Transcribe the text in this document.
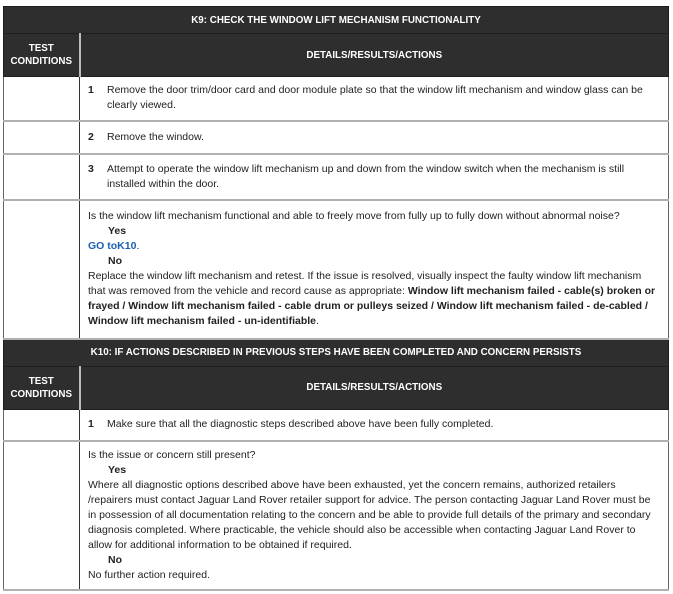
K9: CHECK THE WINDOW LIFT MECHANISM FUNCTIONALITY	
TEST CONDITIONS	DETAILS/RESULTS/ACTIONS

	1 Remove the door trim/door card and door module plate so that the window lift mechanism and window glass can be clearly viewed.

	2 Remove the window.

	3 Attempt to operate the window lift mechanism up and down from the window switch when the mechanism is still installed within the door.

	Is the window lift mechanism functional and able to freely move from fully up to fully down without abnormal noise?
Yes
GO toK10.
No
Replace the window lift mechanism and retest. If the issue is resolved, visually inspect the faulty window lift mechanism that was removed from the vehicle and record cause as appropriate: Window lift mechanism failed - cable(s) broken or frayed / Window lift mechanism failed - cable drum or pulleys seized / Window lift mechanism failed - de-cabled / Window lift mechanism failed - un-identifiable.

K10: IF ACTIONS DESCRIBED IN PREVIOUS STEPS HAVE BEEN COMPLETED AND CONCERN PERSISTS	
TEST CONDITIONS	DETAILS/RESULTS/ACTIONS

	1 Make sure that all the diagnostic steps described above have been fully completed.

	Is the issue or concern still present?
Yes
Where all diagnostic options described above have been exhausted, yet the concern remains, authorized retailers /repairers must contact Jaguar Land Rover retailer support for advice. The person contacting Jaguar Land Rover must be in possession of all documentation relating to the concern and be able to provide full details of the primary and secondary diagnosis completed. Where practicable, the vehicle should also be accessible when contacting Jaguar Land Rover to allow for additional information to be obtained if required.
No
No further action required.
